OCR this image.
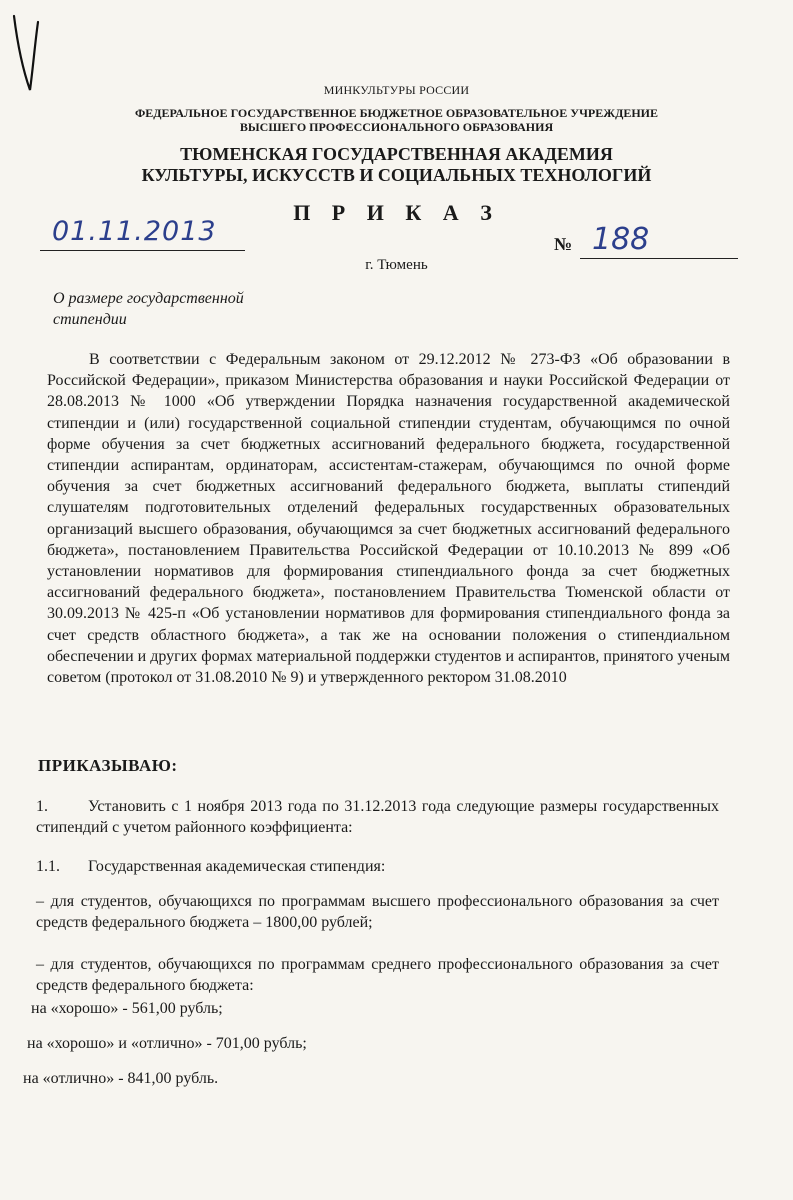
МИНКУЛЬТУРЫ РОССИИ
ФЕДЕРАЛЬНОЕ ГОСУДАРСТВЕННОЕ БЮДЖЕТНОЕ ОБРАЗОВАТЕЛЬНОЕ УЧРЕЖДЕНИЕ
ВЫСШЕГО ПРОФЕССИОНАЛЬНОГО ОБРАЗОВАНИЯ
ТЮМЕНСКАЯ ГОСУДАРСТВЕННАЯ АКАДЕМИЯ
КУЛЬТУРЫ, ИСКУССТВ И СОЦИАЛЬНЫХ ТЕХНОЛОГИЙ
П Р И К А З
01.11.2013	№ 188
г. Тюмень
О размере государственной
стипендии

В соответствии с Федеральным законом от 29.12.2012 № 273-ФЗ «Об образовании в Российской Федерации», приказом Министерства образования и науки Российской Федерации от 28.08.2013 № 1000 «Об утверждении Порядка назначения государственной академической стипендии и (или) государственной социальной стипендии студентам, обучающимся по очной форме обучения за счет бюджетных ассигнований федерального бюджета, государственной стипендии аспирантам, ординаторам, ассистентам-стажерам, обучающимся по очной форме обучения за счет бюджетных ассигнований федерального бюджета, выплаты стипендий слушателям подготовительных отделений федеральных государственных образовательных организаций высшего образования, обучающимся за счет бюджетных ассигнований федерального бюджета», постановлением Правительства Российской Федерации от 10.10.2013 № 899 «Об установлении нормативов для формирования стипендиального фонда за счет бюджетных ассигнований федерального бюджета», постановлением Правительства Тюменской области от 30.09.2013 № 425-п «Об установлении нормативов для формирования стипендиального фонда за счет средств областного бюджета», а так же на основании положения о стипендиальном обеспечении и других формах материальной поддержки студентов и аспирантов, принятого ученым советом (протокол от 31.08.2010 № 9) и утвержденного ректором 31.08.2010

ПРИКАЗЫВАЮ:

1.	Установить с 1 ноября 2013 года по 31.12.2013 года следующие размеры государственных стипендий с учетом районного коэффициента:

1.1. Государственная академическая стипендия:

– для студентов, обучающихся по программам высшего профессионального образования за счет средств федерального бюджета – 1800,00 рублей;

– для студентов, обучающихся по программам среднего профессионального образования за счет средств федерального бюджета:

на «хорошо» - 561,00 рубль;
на «хорошо» и «отлично» - 701,00 рубль;
на «отлично» - 841,00 рубль.
